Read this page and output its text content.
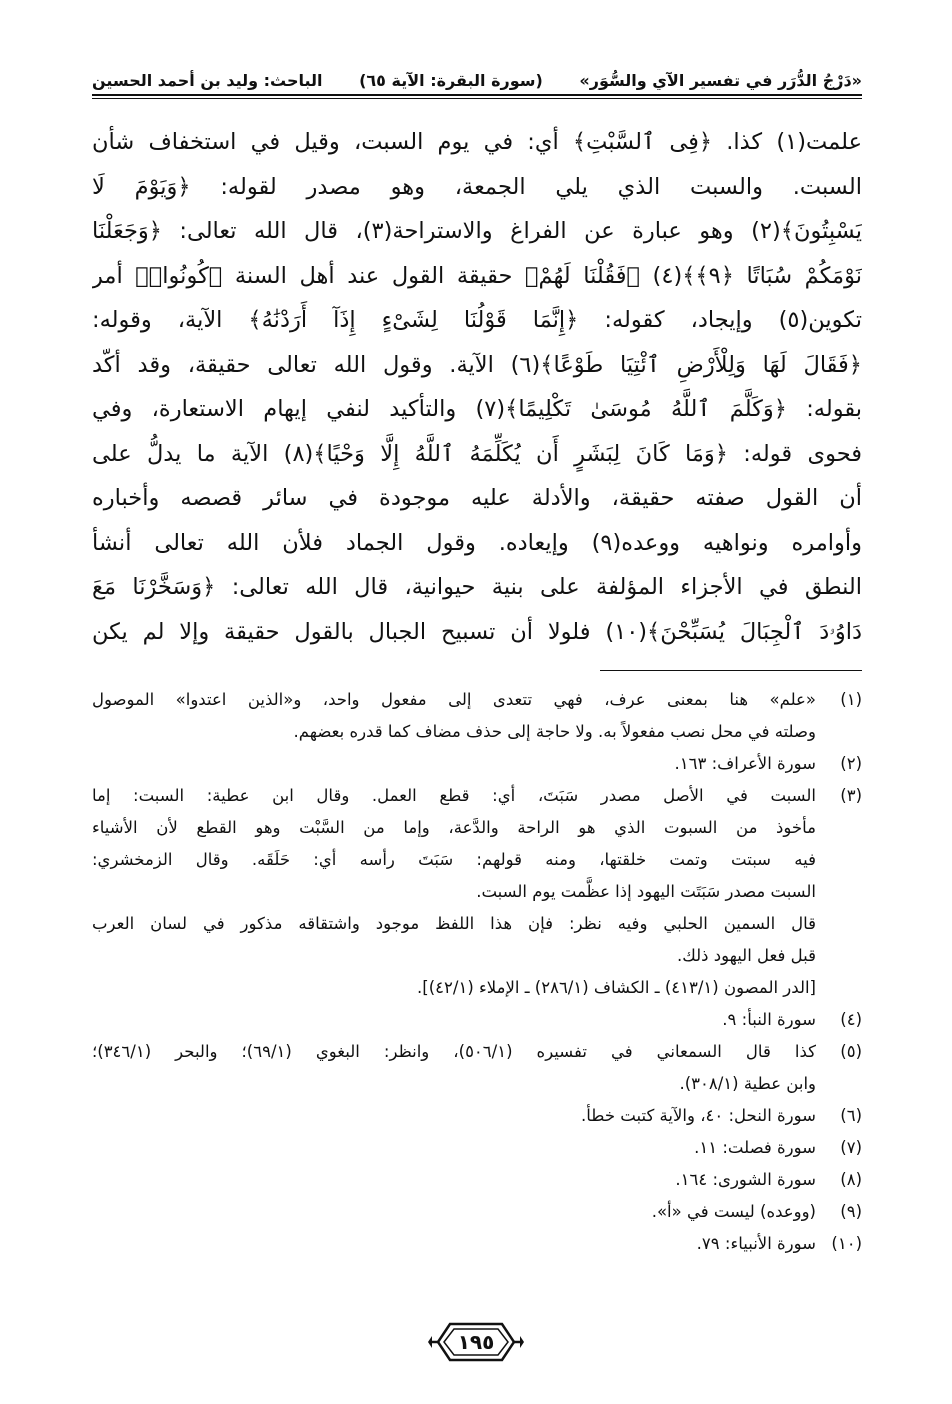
«دَرْجُ الدُّرَر في تفسير الآي والسُّوَر»
(سورة البقرة: الآية ٦٥)
الباحث: وليد بن أحمد الحسين
علمت(١) كذا. ﴿فِى ٱلسَّبْتِ﴾ أي: في يوم السبت، وقيل في استخفاف شأن
السبت. والسبت الذي يلي الجمعة، وهو مصدر لقوله: ﴿وَيَوْمَ لَا
يَسْبِتُونَ﴾(٢) وهو عبارة عن الفراغ والاستراحة(٣)، قال الله تعالى: ﴿وَجَعَلْنَا
نَوْمَكُمْ سُبَاتًا ﴿٩﴾﴾(٤) ﴿فَقُلْنَا لَهُمْ﴾ حقيقة القول عند أهل السنة ﴿كُونُوا۟﴾ أمر
تكوين(٥) وإيجاد، كقوله: ﴿إِنَّمَا قَوْلُنَا لِشَىْءٍ إِذَآ أَرَدْنَٰهُ﴾ الآية، وقوله:
﴿فَقَالَ لَهَا وَلِلْأَرْضِ ٱئْتِيَا طَوْعًا﴾(٦) الآية. وقول الله تعالى حقيقة، وقد أكّد
بقوله: ﴿وَكَلَّمَ ٱللَّهُ مُوسَىٰ تَكْلِيمًا﴾(٧) والتأكيد لنفي إيهام الاستعارة، وفي
فحوى قوله: ﴿وَمَا كَانَ لِبَشَرٍ أَن يُكَلِّمَهُ ٱللَّهُ إِلَّا وَحْيًا﴾(٨) الآية ما يدلُّ على
أن القول صفته حقيقة، والأدلة عليه موجودة في سائر قصصه وأخباره
وأوامره ونواهيه ووعده(٩) وإيعاده. وقول الجماد فلأن الله تعالى أنشأ
النطق في الأجزاء المؤلفة على بنية حيوانية، قال الله تعالى: ﴿وَسَخَّرْنَا مَعَ
دَاوُۥدَ ٱلْجِبَالَ يُسَبِّحْنَ﴾(١٠) فلولا أن تسبيح الجبال بالقول حقيقة وإلا لم يكن
(١)
«علم» هنا بمعنى عرف، فهي تتعدى إلى مفعول واحد، و«الذين اعتدوا» الموصول
وصلته في محل نصب مفعولاً به. ولا حاجة إلى حذف مضاف كما قدره بعضهم.
(٢)
سورة الأعراف: ١٦٣.
(٣)
السبت في الأصل مصدر سَبَتَ، أي: قطع العمل. وقال ابن عطية: السبت: إما
مأخوذ من السبوت الذي هو الراحة والدَّعة، وإما من السَّبْت وهو القطع لأن الأشياء
فيه سبتت وتمت خلقتها، ومنه قولهم: سَبَتَ رأسه أي: حَلَقَه. وقال الزمخشري:
السبت مصدر سَبَتَت اليهود إذا عظَّمت يوم السبت.
قال السمين الحلبي وفيه نظر: فإن هذا اللفظ موجود واشتقاقه مذكور في لسان العرب
قبل فعل اليهود ذلك.
[الدر المصون (٤١٣/١) ـ الكشاف (٢٨٦/١) ـ الإملاء (٤٢/١)].
(٤)
سورة النبأ: ٩.
(٥)
كذا قال السمعاني في تفسيره (٥٠٦/١)، وانظر: البغوي (٦٩/١)؛ والبحر (٣٤٦/١)؛
وابن عطية (٣٠٨/١).
(٦)
سورة النحل: ٤٠، والآية كتبت خطأ.
(٧)
سورة فصلت: ١١.
(٨)
سورة الشورى: ١٦٤.
(٩)
(ووعده) ليست في «أ».
(١٠)
سورة الأنبياء: ٧٩.
١٩٥
